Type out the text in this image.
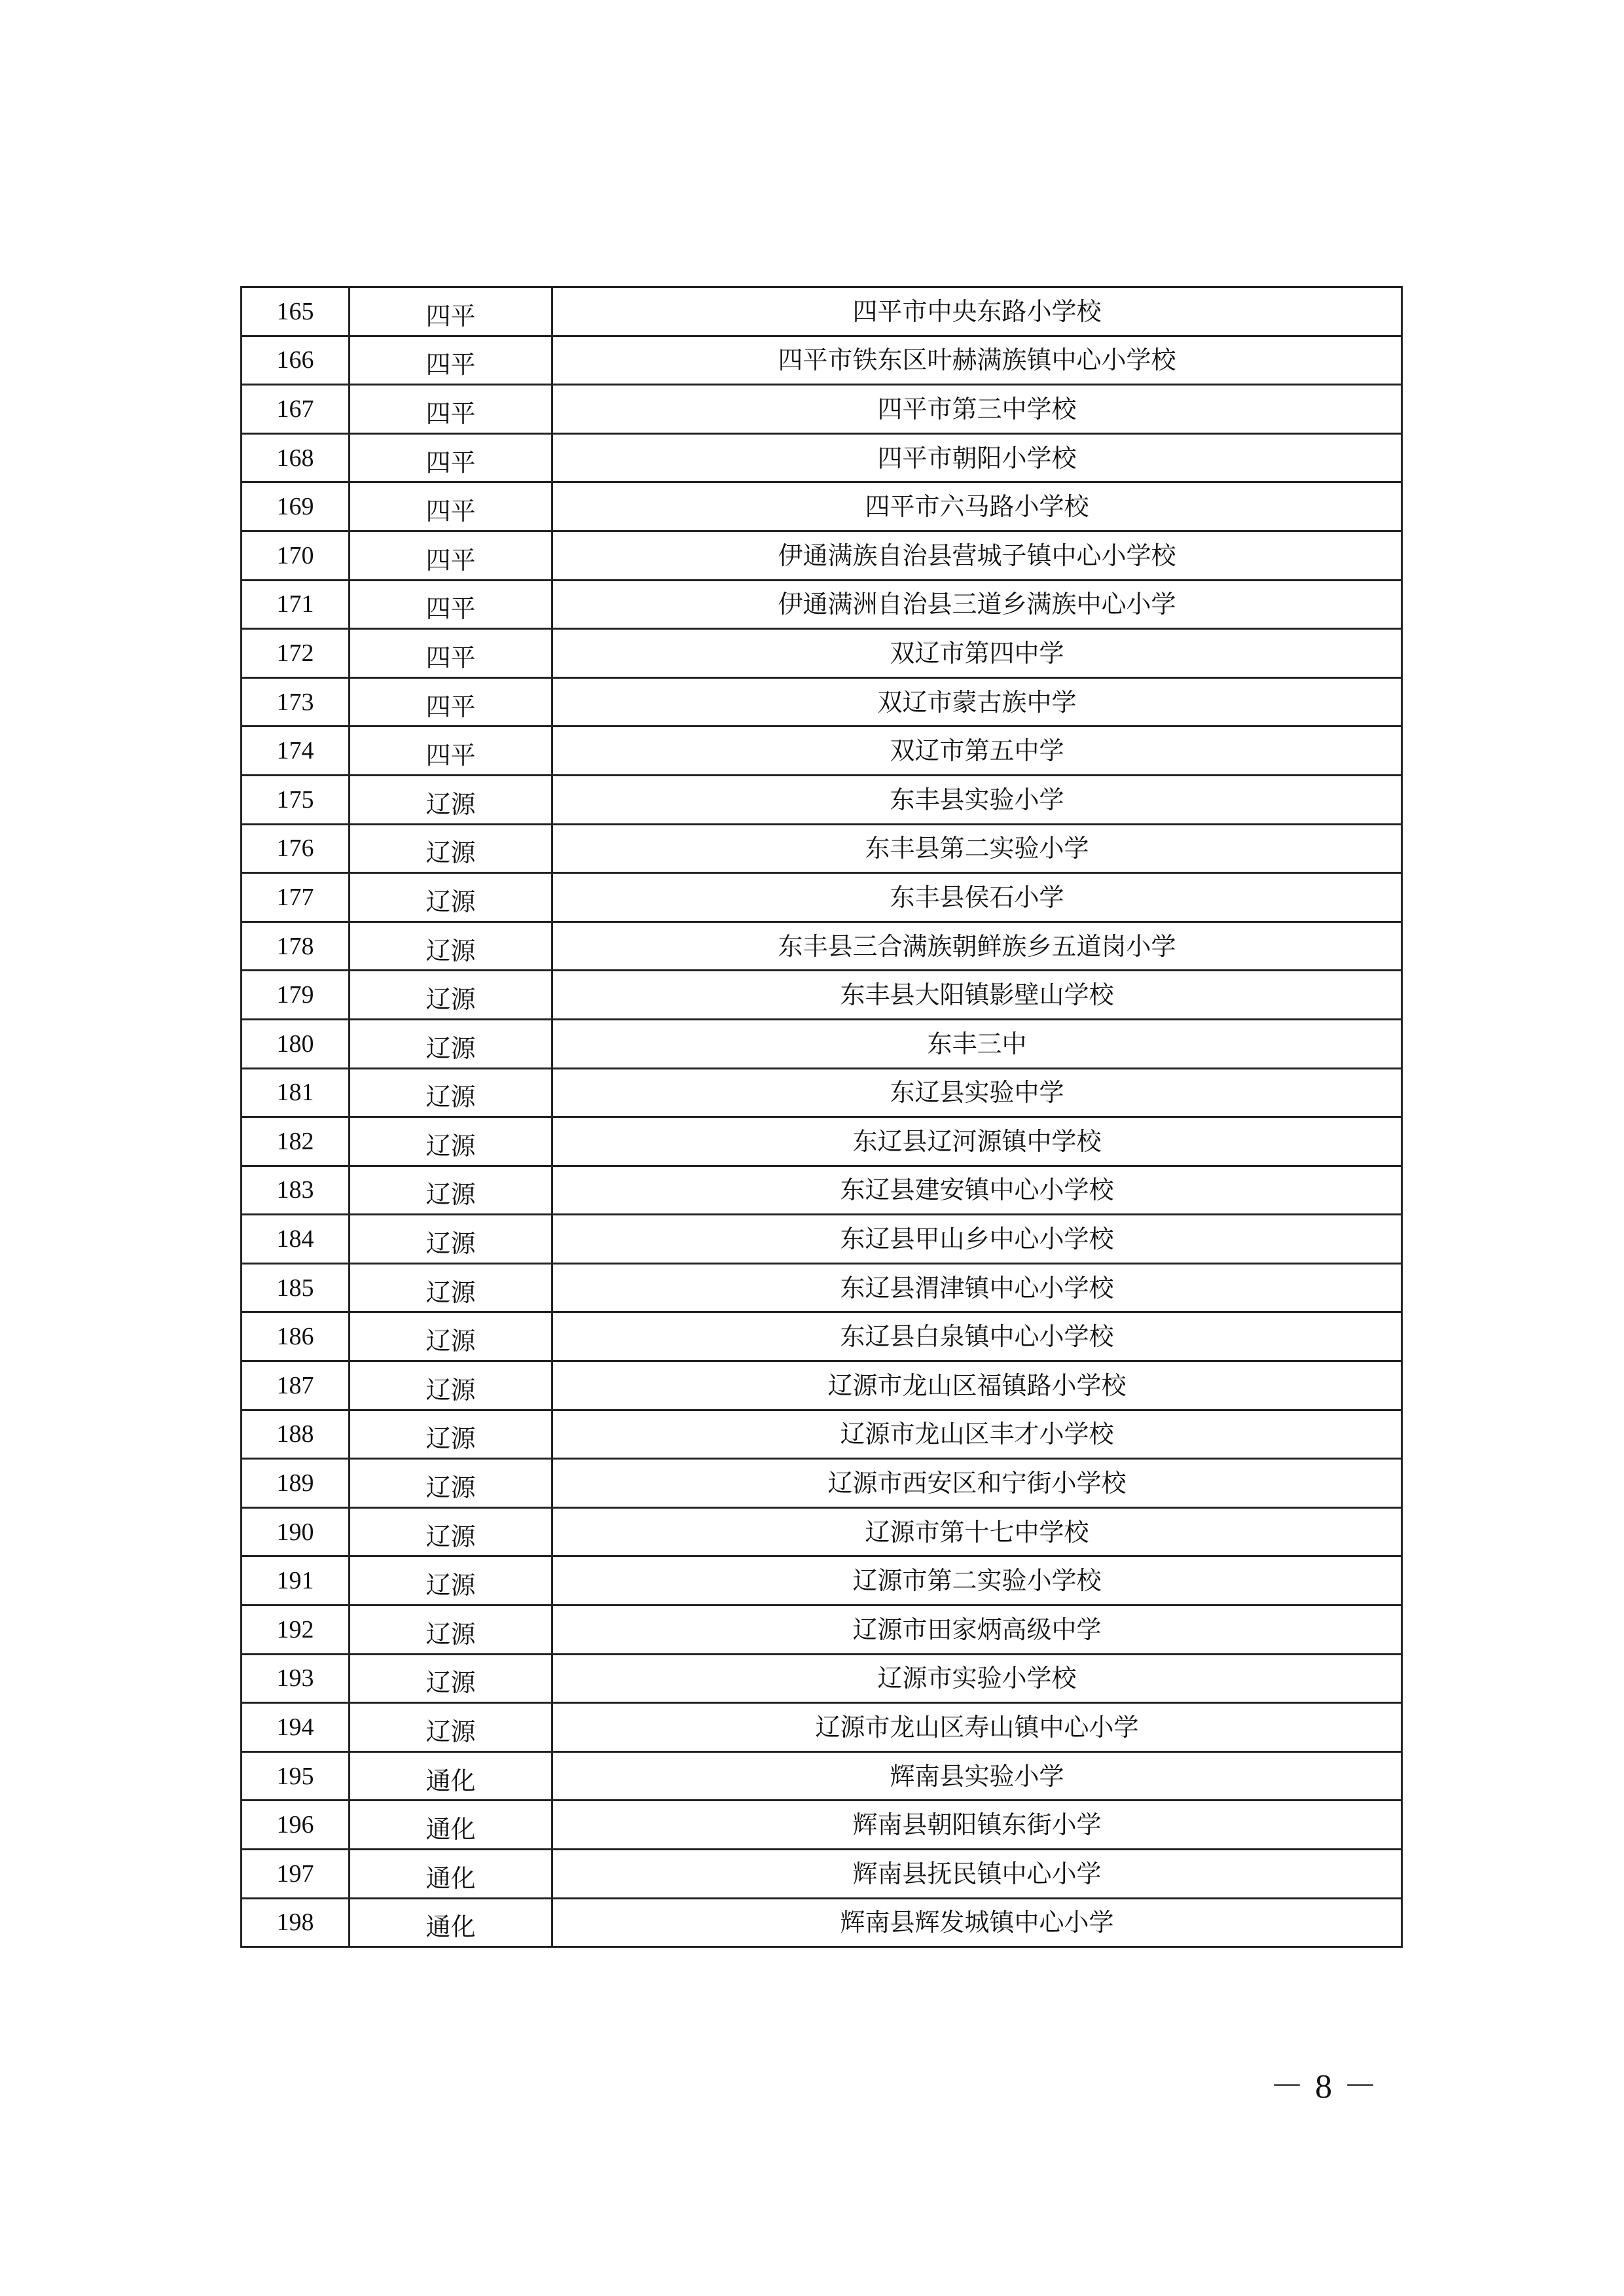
165	四平	四平市中央东路小学校
166	四平	四平市铁东区叶赫满族镇中心小学校
167	四平	四平市第三中学校
168	四平	四平市朝阳小学校
169	四平	四平市六马路小学校
170	四平	伊通满族自治县营城子镇中心小学校
171	四平	伊通满洲自治县三道乡满族中心小学
172	四平	双辽市第四中学
173	四平	双辽市蒙古族中学
174	四平	双辽市第五中学
175	辽源	东丰县实验小学
176	辽源	东丰县第二实验小学
177	辽源	东丰县侯石小学
178	辽源	东丰县三合满族朝鲜族乡五道岗小学
179	辽源	东丰县大阳镇影壁山学校
180	辽源	东丰三中
181	辽源	东辽县实验中学
182	辽源	东辽县辽河源镇中学校
183	辽源	东辽县建安镇中心小学校
184	辽源	东辽县甲山乡中心小学校
185	辽源	东辽县渭津镇中心小学校
186	辽源	东辽县白泉镇中心小学校
187	辽源	辽源市龙山区福镇路小学校
188	辽源	辽源市龙山区丰才小学校
189	辽源	辽源市西安区和宁街小学校
190	辽源	辽源市第十七中学校
191	辽源	辽源市第二实验小学校
192	辽源	辽源市田家炳高级中学
193	辽源	辽源市实验小学校
194	辽源	辽源市龙山区寿山镇中心小学
195	通化	辉南县实验小学
196	通化	辉南县朝阳镇东街小学
197	通化	辉南县抚民镇中心小学
198	通化	辉南县辉发城镇中心小学
－ 8 －
